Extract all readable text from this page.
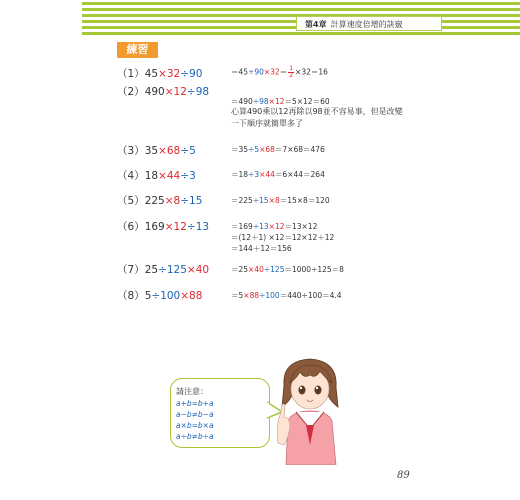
第4章 計算速度倍增的訣竅
練習
（1）45×32÷90
（2）490×12÷98
（3）35×68÷5
（4）18×44÷3
（5）225×8÷15
（6）169×12÷13
（7）25÷125×40
（8）5÷100×88
$=45\div 90\times 32= \frac{1}{2} \times 32=16$
＝490÷98×12＝5×12＝60
心算490乘以12再除以98並不容易事，但是改變一下順序就簡單多了
＝35÷5×68＝7×68＝476
＝18÷3×44＝6×44＝264
＝225÷15×8＝15×8＝120
＝169÷13×12＝13×12
＝(12＋1) ×12＝12×12＋12
＝144＋12＝156
＝25×40÷125＝1000÷125＝8
＝5×88÷100＝440÷100＝4.4
請注意：
a+b=b+a
a−b≠b−a
a×b=b×a
a÷b≠b÷a
89
